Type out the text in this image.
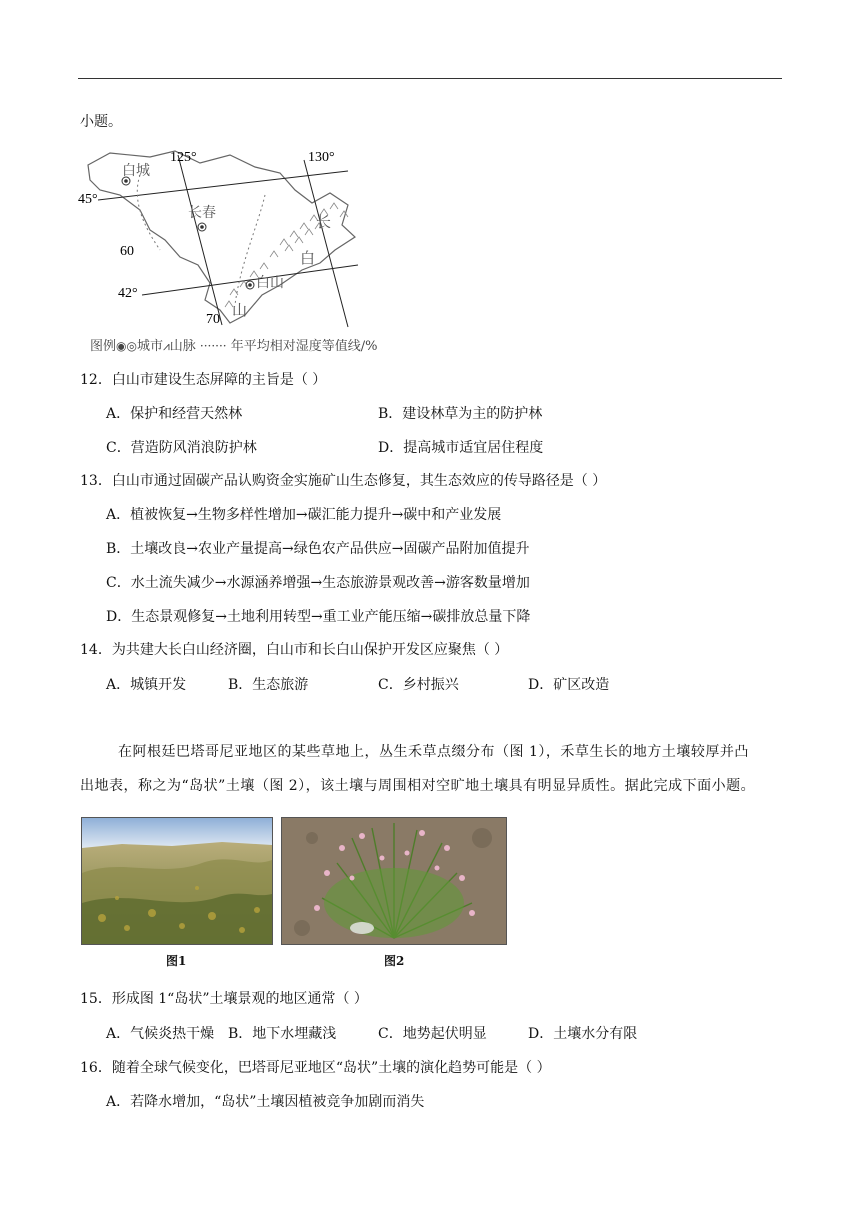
小题。
125°	130°
45°
42°
60
70
白城
长春
白山
长
白
山
图例◉◎城市⩘山脉 ······· 年平均相对湿度等值线/%
12．白山市建设生态屏障的主旨是（ ）
A．保护和经营天然林	B．建设林草为主的防护林
C．营造防风消浪防护林	D．提高城市适宜居住程度
13．白山市通过固碳产品认购资金实施矿山生态修复，其生态效应的传导路径是（ ）
A．植被恢复→生物多样性增加→碳汇能力提升→碳中和产业发展
B．土壤改良→农业产量提高→绿色农产品供应→固碳产品附加值提升
C．水土流失减少→水源涵养增强→生态旅游景观改善→游客数量增加
D．生态景观修复→土地利用转型→重工业产能压缩→碳排放总量下降
14．为共建大长白山经济圈，白山市和长白山保护开发区应聚焦（ ）
A．城镇开发	B．生态旅游	C．乡村振兴	D．矿区改造
在阿根廷巴塔哥尼亚地区的某些草地上，丛生禾草点缀分布（图 1），禾草生长的地方土壤较厚并凸
出地表，称之为“岛状”土壤（图 2），该土壤与周围相对空旷地土壤具有明显异质性。据此完成下面小题。
图1	图2
15．形成图 1“岛状”土壤景观的地区通常（ ）
A．气候炎热干燥 B．地下水埋藏浅	C．地势起伏明显	D．土壤水分有限
16．随着全球气候变化，巴塔哥尼亚地区“岛状”土壤的演化趋势可能是（ ）
A．若降水增加，“岛状”土壤因植被竞争加剧而消失
